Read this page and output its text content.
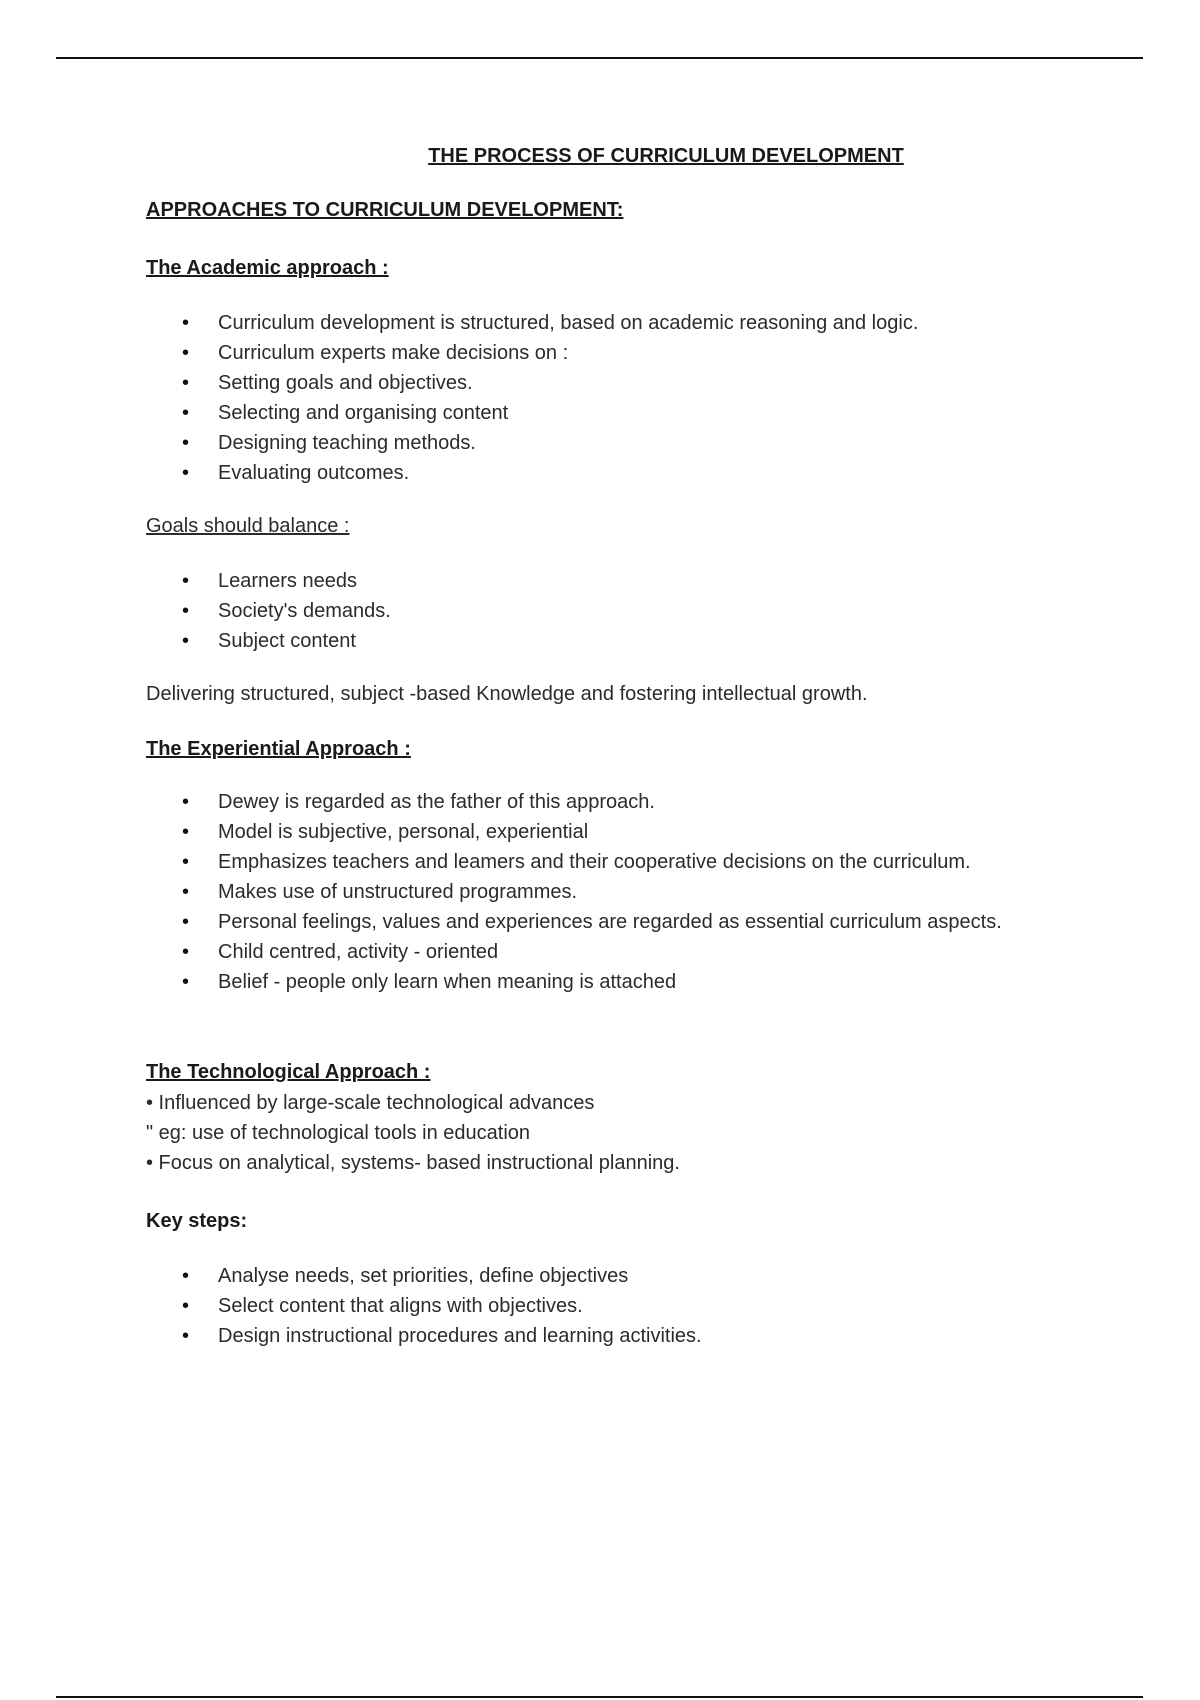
THE PROCESS OF CURRICULUM DEVELOPMENT
APPROACHES TO CURRICULUM DEVELOPMENT:
The Academic approach :
• Curriculum development is structured, based on academic reasoning and logic.
• Curriculum experts make decisions on :
• Setting goals and objectives.
• Selecting and organising content
• Designing teaching methods.
• Evaluating outcomes.
Goals should balance :
• Learners needs
• Society's demands.
• Subject content
Delivering structured, subject -based Knowledge and fostering intellectual growth.
The Experiential Approach :
• Dewey is regarded as the father of this approach.
• Model is subjective, personal, experiential
• Emphasizes teachers and leamers and their cooperative decisions on the curriculum.
• Makes use of unstructured programmes.
• Personal feelings, values and experiences are regarded as essential curriculum aspects.
• Child centred, activity - oriented
• Belief - people only learn when meaning is attached
The Technological Approach :
• Influenced by large-scale technological advances
" eg: use of technological tools in education
• Focus on analytical, systems- based instructional planning.
Key steps:
• Analyse needs, set priorities, define objectives
• Select content that aligns with objectives.
• Design instructional procedures and learning activities.
